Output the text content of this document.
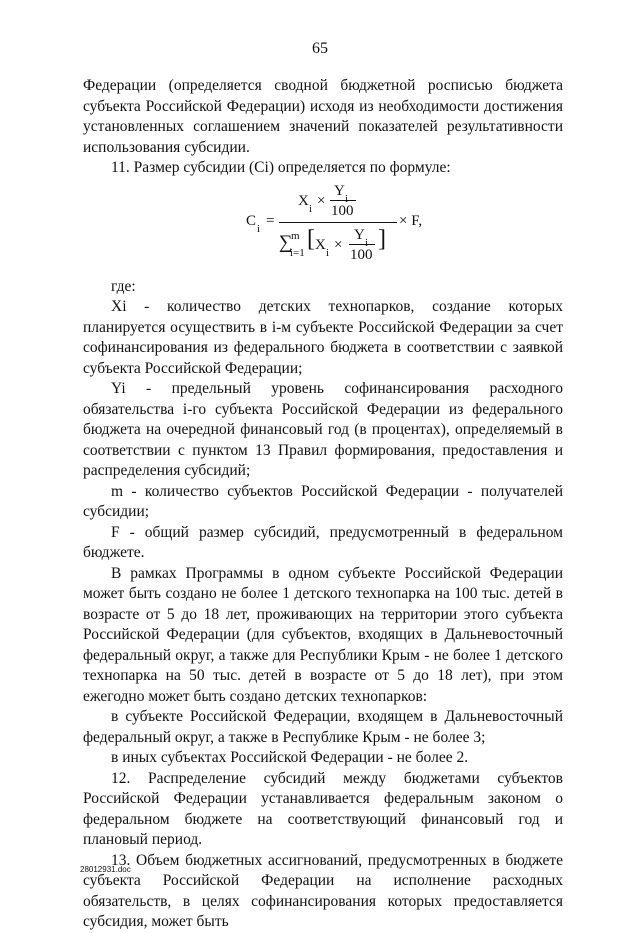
65

Федерации (определяется сводной бюджетной росписью бюджета субъекта Российской Федерации) исходя из необходимости достижения установленных соглашением значений показателей результативности использования субсидии.

11. Размер субсидии (Ci) определяется по формуле:

C i =
X i ×
Y i
100
∑
m
i=1
[ X i ×
Y i
100
]
× F,

где:

Xi - количество детских технопарков, создание которых планируется осуществить в i-м субъекте Российской Федерации за счет софинансирования из федерального бюджета в соответствии с заявкой субъекта Российской Федерации;

Yi - предельный уровень софинансирования расходного обязательства i-го субъекта Российской Федерации из федерального бюджета на очередной финансовый год (в процентах), определяемый в соответствии с пунктом 13 Правил формирования, предоставления и распределения субсидий;

m - количество субъектов Российской Федерации - получателей субсидии;

F - общий размер субсидий, предусмотренный в федеральном бюджете.

В рамках Программы в одном субъекте Российской Федерации может быть создано не более 1 детского технопарка на 100 тыс. детей в возрасте от 5 до 18 лет, проживающих на территории этого субъекта Российской Федерации (для субъектов, входящих в Дальневосточный федеральный округ, а также для Республики Крым - не более 1 детского технопарка на 50 тыс. детей в возрасте от 5 до 18 лет), при этом ежегодно может быть создано детских технопарков:

в субъекте Российской Федерации, входящем в Дальневосточный федеральный округ, а также в Республике Крым - не более 3;

в иных субъектах Российской Федерации - не более 2.

12. Распределение субсидий между бюджетами субъектов Российской Федерации устанавливается федеральным законом о федеральном бюджете на соответствующий финансовый год и плановый период.

13. Объем бюджетных ассигнований, предусмотренных в бюджете субъекта Российской Федерации на исполнение расходных обязательств, в целях софинансирования которых предоставляется субсидия, может быть

28012931.doc
